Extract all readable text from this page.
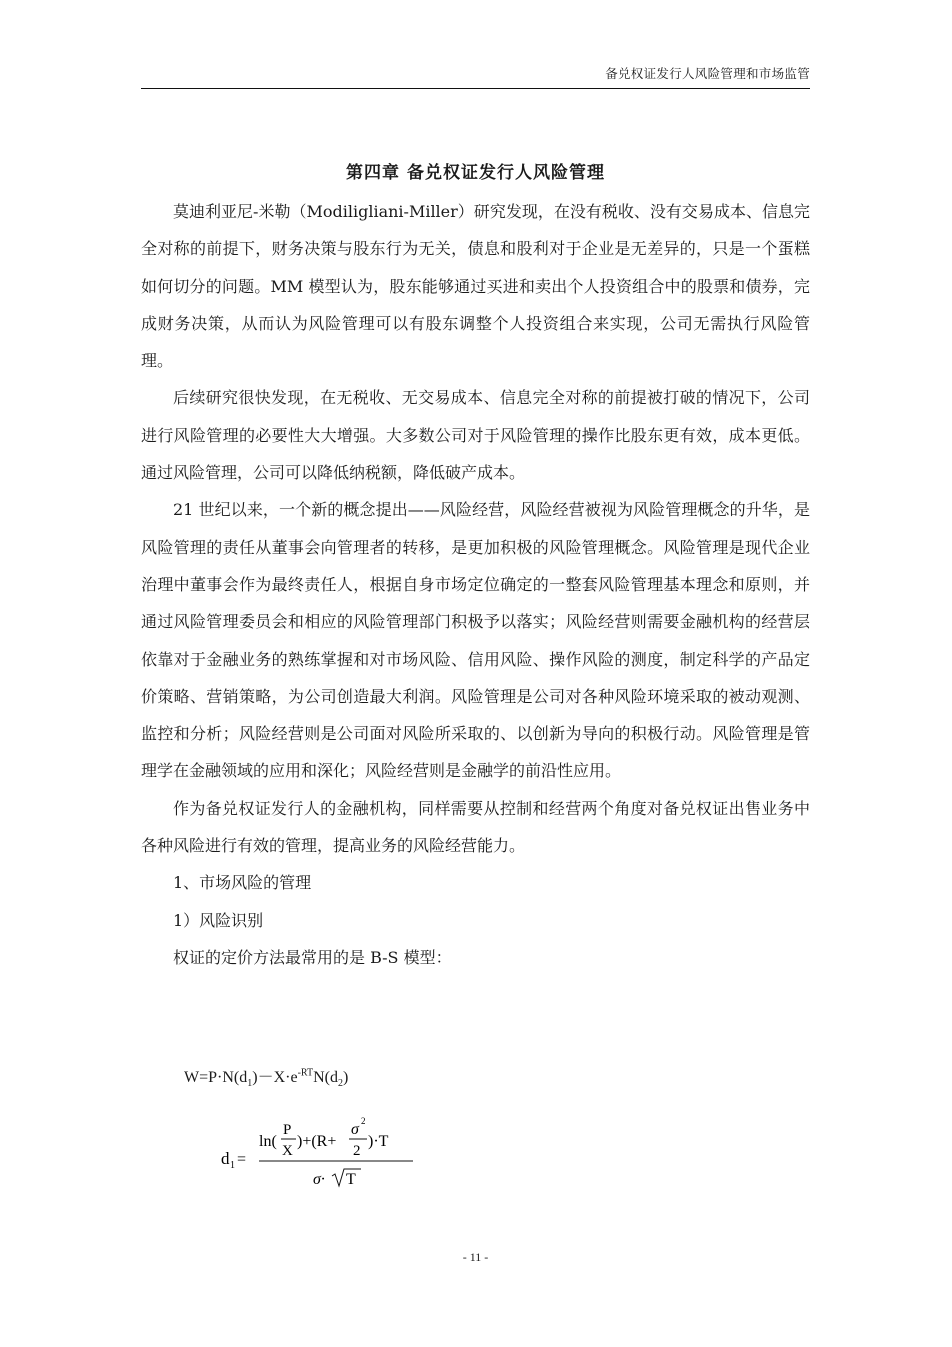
备兑权证发行人风险管理和市场监管
第四章 备兑权证发行人风险管理

莫迪利亚尼-米勒（Modiligliani-Miller）研究发现，在没有税收、没有交易成本、信息完全对称的前提下，财务决策与股东行为无关，债息和股利对于企业是无差异的，只是一个蛋糕如何切分的问题。MM 模型认为，股东能够通过买进和卖出个人投资组合中的股票和债券，完成财务决策，从而认为风险管理可以有股东调整个人投资组合来实现，公司无需执行风险管理。

后续研究很快发现，在无税收、无交易成本、信息完全对称的前提被打破的情况下，公司进行风险管理的必要性大大增强。大多数公司对于风险管理的操作比股东更有效，成本更低。通过风险管理，公司可以降低纳税额，降低破产成本。

21 世纪以来，一个新的概念提出——风险经营，风险经营被视为风险管理概念的升华，是风险管理的责任从董事会向管理者的转移，是更加积极的风险管理概念。风险管理是现代企业治理中董事会作为最终责任人，根据自身市场定位确定的一整套风险管理基本理念和原则，并通过风险管理委员会和相应的风险管理部门积极予以落实；风险经营则需要金融机构的经营层依靠对于金融业务的熟练掌握和对市场风险、信用风险、操作风险的测度，制定科学的产品定价策略、营销策略，为公司创造最大利润。风险管理是公司对各种风险环境采取的被动观测、监控和分析；风险经营则是公司面对风险所采取的、以创新为导向的积极行动。风险管理是管理学在金融领域的应用和深化；风险经营则是金融学的前沿性应用。

作为备兑权证发行人的金融机构，同样需要从控制和经营两个角度对备兑权证出售业务中各种风险进行有效的管理，提高业务的风险经营能力。

1、市场风险的管理

1）风险识别

权证的定价方法最常用的是 B-S 模型：

$W=P\cdot N(d_1)-X\cdot e^{-RT}N(d_2)$
d 1 =
ln(
P
X
)+(R+
σ 2
2
)·T
σ· T
- 11 -
